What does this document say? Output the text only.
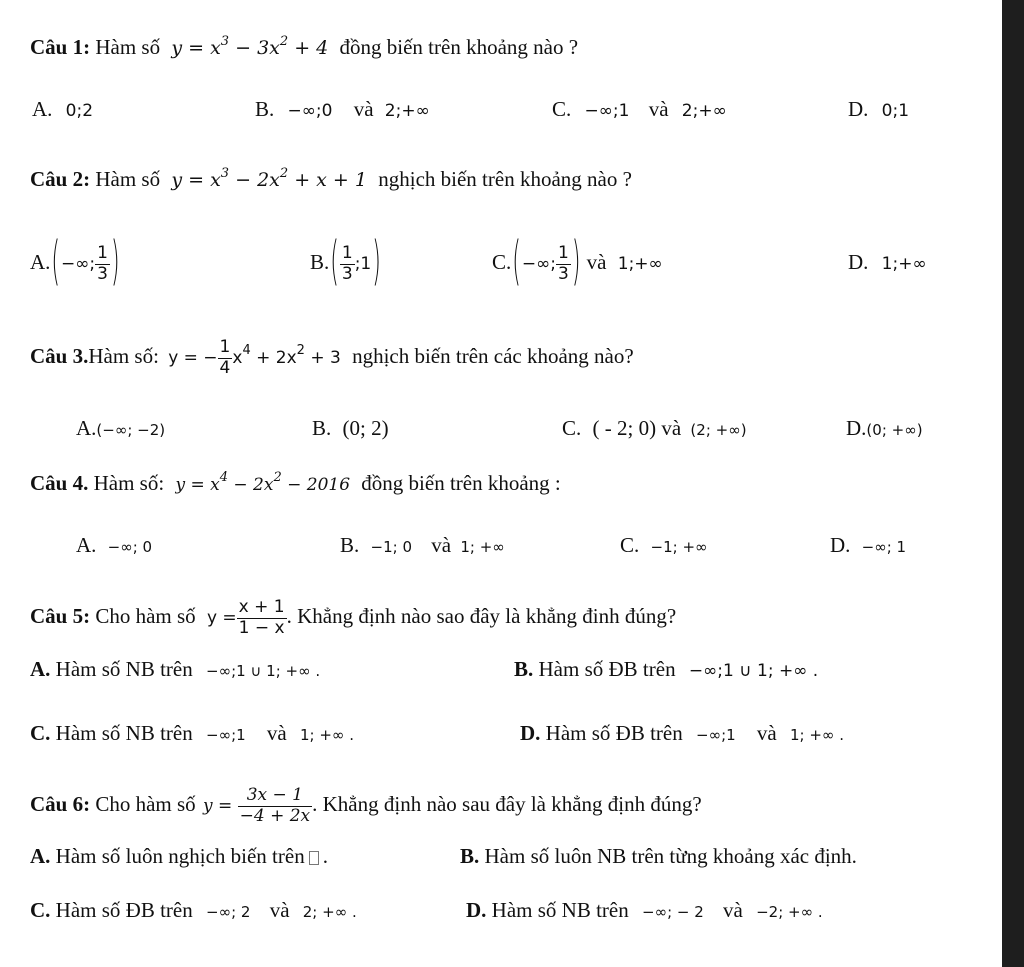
Câu 1: Hàm số $y = x^3 - 3x^2 + 4$ đồng biến trên khoảng nào ?
A. 0;2	B. −∞;0 và 2;+∞	C. −∞;1 và 2;+∞	D. 0;1
Câu 2: Hàm số $y = x^3 - 2x^2 + x + 1$ nghịch biến trên khoảng nào ?
A.(−∞; $\frac{1}{3}$ )	$B.( \frac{1}{3}$ ;1)	C.(−∞; $\frac{1}{3}$ ) và 1;+∞	D. 1;+∞
Câu 3.Hàm số: y = − $\frac{1}{4} x^4 + 2x^2 + 3$ nghịch biến trên các khoảng nào?
A.(−∞; −2)	B. (0; 2)	C. ( - 2; 0) và (2; +∞)	D.(0; +∞)
Câu 4. Hàm số: $y = x^4 - 2x^2 - 2016$ đồng biến trên khoảng :
A. −∞; 0	B. −1; 0 và 1; +∞	C. −1; +∞	D. −∞; 1
Câu 5: Cho hàm số $y = \frac{x + 1}{1 - x}$ . Khẳng định nào sao đây là khẳng đinh đúng?
A. Hàm số NB trên −∞;1 ∪ 1; +∞ .	B. Hàm số ĐB trên −∞;1 ∪ 1; +∞ .
C. Hàm số NB trên −∞;1 và 1; +∞ .	D. Hàm số ĐB trên −∞;1 và 1; +∞ .
Câu 6: Cho hàm số $y = \frac{3x - 1}{-4 + 2x}$ . Khẳng định nào sau đây là khẳng định đúng?
A. Hàm số luôn nghịch biến trên .	B. Hàm số luôn NB trên từng khoảng xác định.
C. Hàm số ĐB trên −∞; 2 và 2; +∞ .	D. Hàm số NB trên −∞; − 2 và −2; +∞ .
